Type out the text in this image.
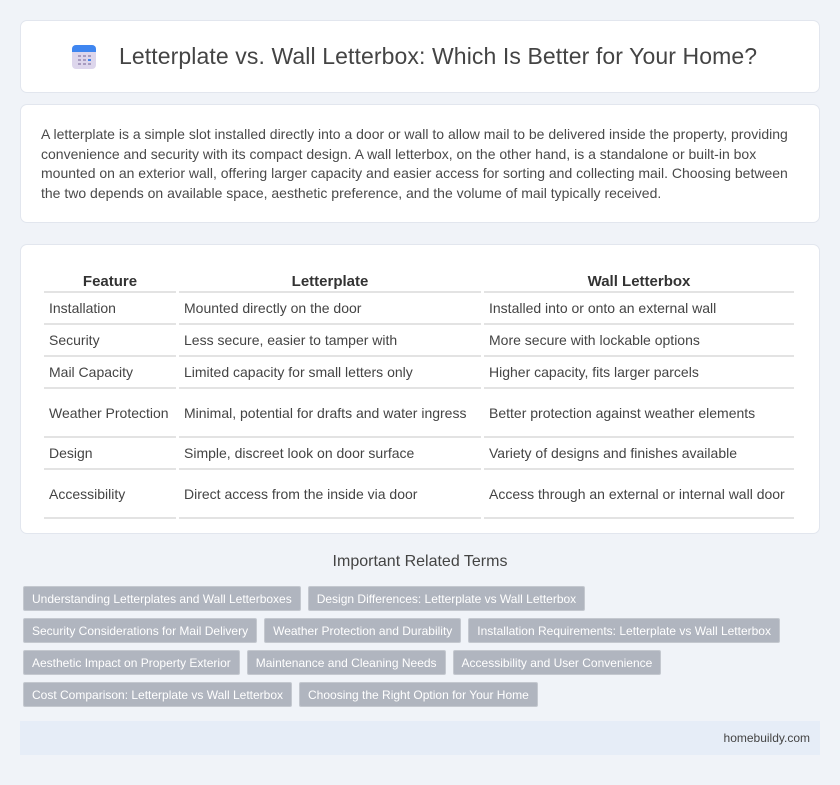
Letterplate vs. Wall Letterbox: Which Is Better for Your Home?

A letterplate is a simple slot installed directly into a door or wall to allow mail to be delivered inside the property, providing convenience and security with its compact design. A wall letterbox, on the other hand, is a standalone or built-in box mounted on an exterior wall, offering larger capacity and easier access for sorting and collecting mail. Choosing between the two depends on available space, aesthetic preference, and the volume of mail typically received.

Feature	Letterplate	Wall Letterbox
Installation	Mounted directly on the door	Installed into or onto an external wall
Security	Less secure, easier to tamper with	More secure with lockable options
Mail Capacity	Limited capacity for small letters only	Higher capacity, fits larger parcels
Weather Protection	Minimal, potential for drafts and water ingress	Better protection against weather elements
Design	Simple, discreet look on door surface	Variety of designs and finishes available
Accessibility	Direct access from the inside via door	Access through an external or internal wall door
Important Related Terms
Understanding Letterplates and Wall Letterboxes	Design Differences: Letterplate vs Wall Letterbox
Security Considerations for Mail Delivery	Weather Protection and Durability	Installation Requirements: Letterplate vs Wall Letterbox
Aesthetic Impact on Property Exterior	Maintenance and Cleaning Needs	Accessibility and User Convenience
Cost Comparison: Letterplate vs Wall Letterbox	Choosing the Right Option for Your Home
homebuildy.com
